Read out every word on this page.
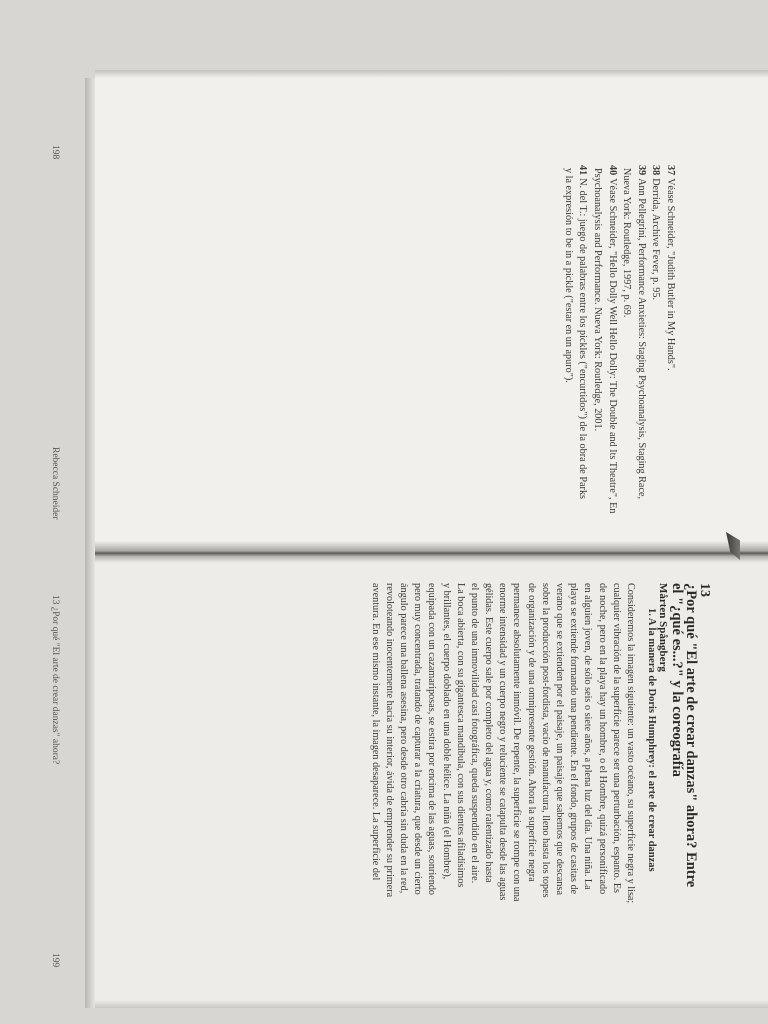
37Véase Schneider, "Judith Butler in My Hands".
38Derrida, Archive Fever, p. 95.
39Ann Pellegrini, Performance Anxieties: Staging Psychoanalysis, Staging Race,
Nueva York: Routledge, 1997, p. 69.
40Véase Schneider, "Hello Dolly Well Hello Dolly: The Double and Its Theatre", En
Psychoanalysis and Performance. Nueva York: Routledge, 2001.
41N. del T.: juego de palabras entre los pickles ("encurtidos") de la obra de Parks
y la expresión to be in a pickle ("estar en un apuro").
198
Rebecca Schneider
13
¿Por qué "El arte de crear danzas" ahora? Entre
el "¿qué es...?" y la coreografía
Mårten Spångberg
1. A la manera de Doris Humphrey: el arte de crear danzas
Consideremos la imagen siguiente: un vasto océano, su superficie negra y lisa;
cualquier vibración de la superficie parece ser una perturbación, espanto. Es
de noche, pero en la playa hay un hombre, o el Hombre, quizá personificado
en alguien joven, de sólo seis o siete años, a plena luz del día. Una niña. La
playa se extiende formando una pendiente. En el fondo, grupos de casitas de
verano que se extienden por el paisaje, un paisaje que sabemos que descansa
sobre la producción post-fordista, vacío de manufactura, lleno hasta los topes
de organización y de una omnipresente gestión. Ahora la superficie negra
permanece absolutamente inmóvil. De repente, la superficie se rompe con una
enorme intensidad y un cuerpo negro y reluciente se catapulta desde las aguas
gélidas. Este cuerpo sale por completo del agua y, como ralentizado hasta
el punto de una inmovilidad casi fotográfica, queda suspendido en el aire.
La boca abierta, con su gigantesca mandíbula, con sus dientes afiladísimos
y brillantes, el cuerpo doblado en una doble hélice. La niña (el Hombre),
equipada con un cazamariposas, se estira por encima de las aguas, sonriendo
pero muy concentrada, tratando de capturar a la criatura, que desde un cierto
ángulo parece una ballena asesina, pero desde otro cabría sin duda en la red,
revoloteando inocentemente hacia su interior, ávida de emprender su primera
aventura. En ese mismo instante, la imagen desaparece. La superficie del
13 ¿Por qué "El arte de crear danzas" ahora?
199
